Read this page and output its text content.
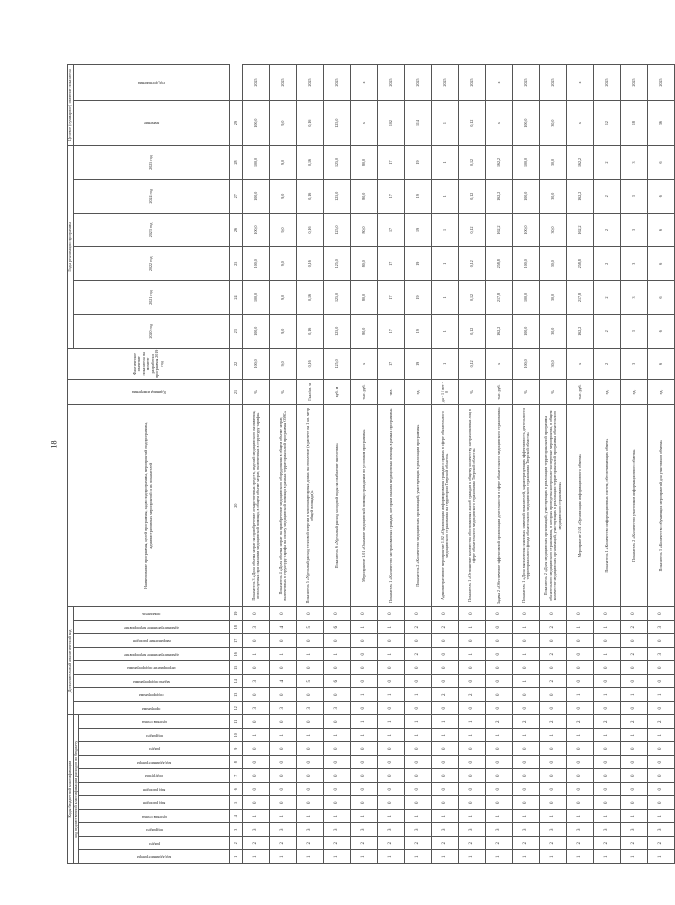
18
Коды бюджетной классификации											Дополнительный аналитический код								Наименование программы, целей программы, задач подпрограммы, мероприятий подпрограммы, административных мероприятий и их показателей	Единица измерения	Фактическое значение показателя на момент разработки программы 2019 год	Годы реализации программы						Целевое (суммарное) значение показателя	
код ведомственной классификации расходов по бюджету											программа	подпрограмма	задача подпрограммы	мероприятие подпрограммы	административное мероприятие	направление расходов	административное мероприятие	показатель				2020 год	2021 год	2022 год	2023 год	2024 год	2025 год	значение	год достижения

код администратора	раздел	подраздел	целевая статья	вид расходов	вид расходов	подгруппа	код администратора	раздел	подраздел	целевая статья																			

1	2	3	4	5	6	7	8	9	10	11	12	13	14	15	16	17	18	19	20	21	22	23	24	25	26	27	28	29	
1	2	3	1	0	0	0	0	0	1	0	3	0	3	0	1	0	3	0	Показатель 3 «Доля объема затрат на приобретение лекарственных средств, изделий медицинского назначения, используемых при оказании медицинской помощи, в общем объеме затрат, включенных в структуру тарифа»	%	100,0	100,0	100,0	100,0	100,0	100,0	100,0	100,0	2025
1	2	3	1	0	0	0	0	0	1	0	3	0	4	0	1	0	4	0	Показатель 4 «Доля объема затрат на приобретение медицинского оборудования в общем объеме затрат, включенных в структуру тарифа на оплату медицинской помощи в рамках территориальной программы ОМС»	%	9,0	9,0	9,0	9,0	9,0	9,0	9,0	9,0	2025
1	2	3	1	0	0	0	0	0	1	0	3	0	5	0	1	0	5	0	Показатель 5 «Удельный расход тепловой энергии в многоквартирных домах на отопление (в расчете на 1 кв. метр общей площади)»	Гкал/кв. м	0,16	0,16	0,16	0,16	0,16	0,16	0,16	0,16	2025
1	2	3	1	0	0	0	0	0	1	0	3	0	6	0	1	0	6	0	Показатель 6 «Удельный расход холодной воды на снабжение населения»	куб. м	125,0	125,0	125,0	125,0	125,0	125,0	125,0	125,0	2025
1	2	3	1	0	0	0	0	0	1	1	0	1	0	0	0	0	1	0	Мероприятие 1.01 «Оказание медицинской помощи гражданам по условиям программы»	тыс. руб.	х	80,0	80,0	80,0	80,0	80,0	80,0	х	х
1	2	3	1	0	0	0	0	0	1	1	0	1	0	0	1	0	1	0	Показатель 1 «Количество застрахованных граждан, которым оказана медицинская помощь в рамках программы»	чел.	17	17	17	17	17	17	17	102	2025
1	2	3	1	0	0	0	0	0	1	1	0	1	0	0	2	0	2	0	Показатель 2 «Количество медицинских организаций, участвующих в реализации программы»	ед.	19	19	19	19	19	19	19	114	2025
1	2	3	1	0	0	0	0	0	1	1	0	2	0	0	0	0	2	0	Административное мероприятие 1.02 «Организация информирования граждан о правах в сфере обязательного медицинского страхования на территории Тверской области»	да - 1 / нет - 0	1	1	1	1	1	1	1	1	2025
1	2	3	1	0	0	0	0	0	1	1	0	2	0	0	1	0	1	0	Показатель 1 «Отношение количества обоснованных жалоб граждан к общему количеству застрахованных лиц в сфере обязательного медицинского страхования Тверской области»	%	0,12	0,12	0,12	0,12	0,12	0,12	0,12	0,12	2025
1	2	3	1	0	0	0	0	0	1	2	0	0	0	0	0	0	0	0	Задача 2 «Обеспечение эффективной организации деятельности в сфере обязательного медицинского страхования»	тыс. руб.	х	162,2	217,8	258,8	162,2	162,2	162,2	х	х
1	2	3	1	0	0	0	0	0	1	2	0	0	1	0	1	0	1	0	Показатель 1 «Доля выполнения плановых значений показателей, характеризующих эффективность деятельности территориального фонда обязательного медицинского страхования Тверской области»	%	100,0	100,0	100,0	100,0	100,0	100,0	100,0	100,0	2025
1	2	3	1	0	0	0	0	0	1	2	0	0	2	0	2	0	2	0	Показатель 2 «Доля медицинских организаций, участвующих в реализации территориальной программы обязательного медицинского страхования, в которых проведены контрольно-экспертные мероприятия, в общем количестве медицинских организаций, участвующих в реализации территориальной программы обязательного медицинского страхования»	%	30,0	30,0	30,0	30,0	30,0	30,0	30,0	30,0	2025
1	2	3	1	0	0	0	0	0	1	2	0	1	0	0	0	0	1	0	Мероприятие 2.01 «Организация информационного обмена»	тыс. руб.	х	162,2	217,8	258,8	162,2	162,2	162,2	х	х
1	2	3	1	0	0	0	0	0	1	2	0	1	0	0	1	0	1	0	Показатель 1 «Количество информационных систем, обеспечивающих обмен»	ед.	2	2	2	2	2	2	2	12	2025
1	2	3	1	0	0	0	0	0	1	2	0	1	0	0	2	0	2	0	Показатель 2 «Количество участников информационного обмена»	ед.	3	3	3	3	3	3	3	18	2025
1	2	3	1	0	0	0	0	0	1	2	0	1	0	0	3	0	3	0	Показатель 3 «Количество обучающих мероприятий для участников обмена»	ед.	6	6	6	6	6	6	6	36	2025
